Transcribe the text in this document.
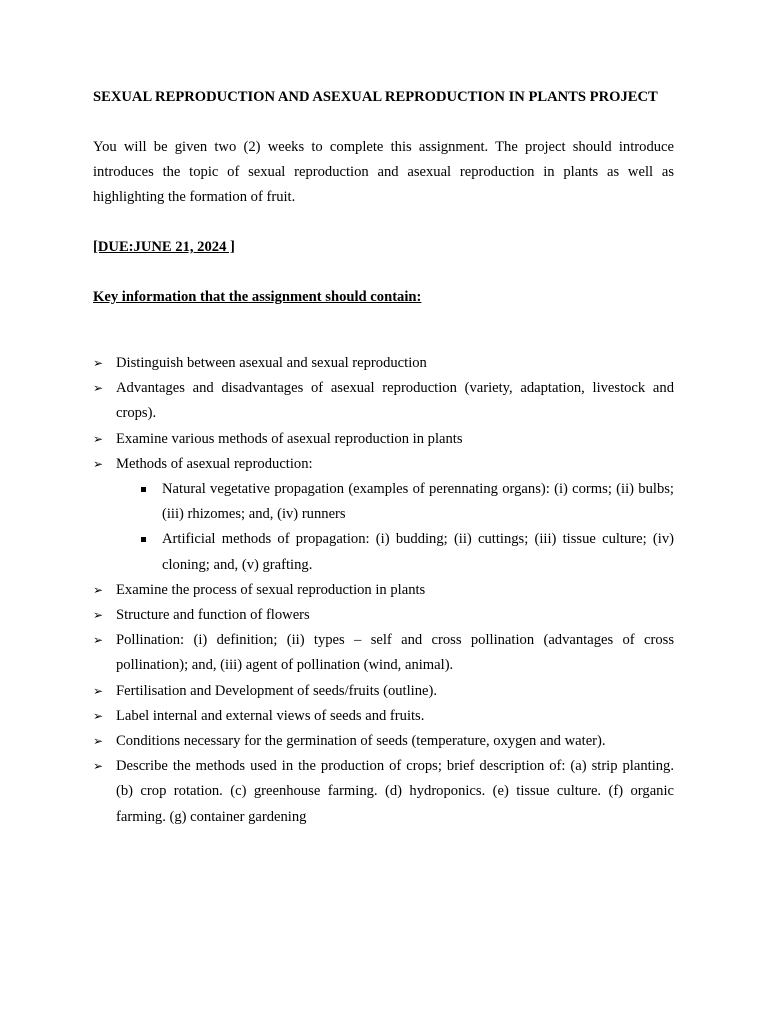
SEXUAL REPRODUCTION AND ASEXUAL REPRODUCTION IN PLANTS PROJECT

You will be given two (2) weeks to complete this assignment. The project should introduce introduces the topic of sexual reproduction and asexual reproduction in plants as well as highlighting the formation of fruit.

[DUE:JUNE 21, 2024 ]

Key information that the assignment should contain:

➢ Distinguish between asexual and sexual reproduction
➢ Advantages and disadvantages of asexual reproduction (variety, adaptation, livestock and crops).
➢ Examine various methods of asexual reproduction in plants
➢ Methods of asexual reproduction:
Natural vegetative propagation (examples of perennating organs): (i) corms; (ii) bulbs; (iii) rhizomes; and, (iv) runners
Artificial methods of propagation: (i) budding; (ii) cuttings; (iii) tissue culture; (iv) cloning; and, (v) grafting.
➢ Examine the process of sexual reproduction in plants
➢ Structure and function of flowers
➢ Pollination: (i) definition; (ii) types – self and cross pollination (advantages of cross pollination); and, (iii) agent of pollination (wind, animal).
➢ Fertilisation and Development of seeds/fruits (outline).
➢ Label internal and external views of seeds and fruits.
➢ Conditions necessary for the germination of seeds (temperature, oxygen and water).
➢ Describe the methods used in the production of crops; brief description of: (a) strip planting. (b) crop rotation. (c) greenhouse farming. (d) hydroponics. (e) tissue culture. (f) organic farming. (g) container gardening
